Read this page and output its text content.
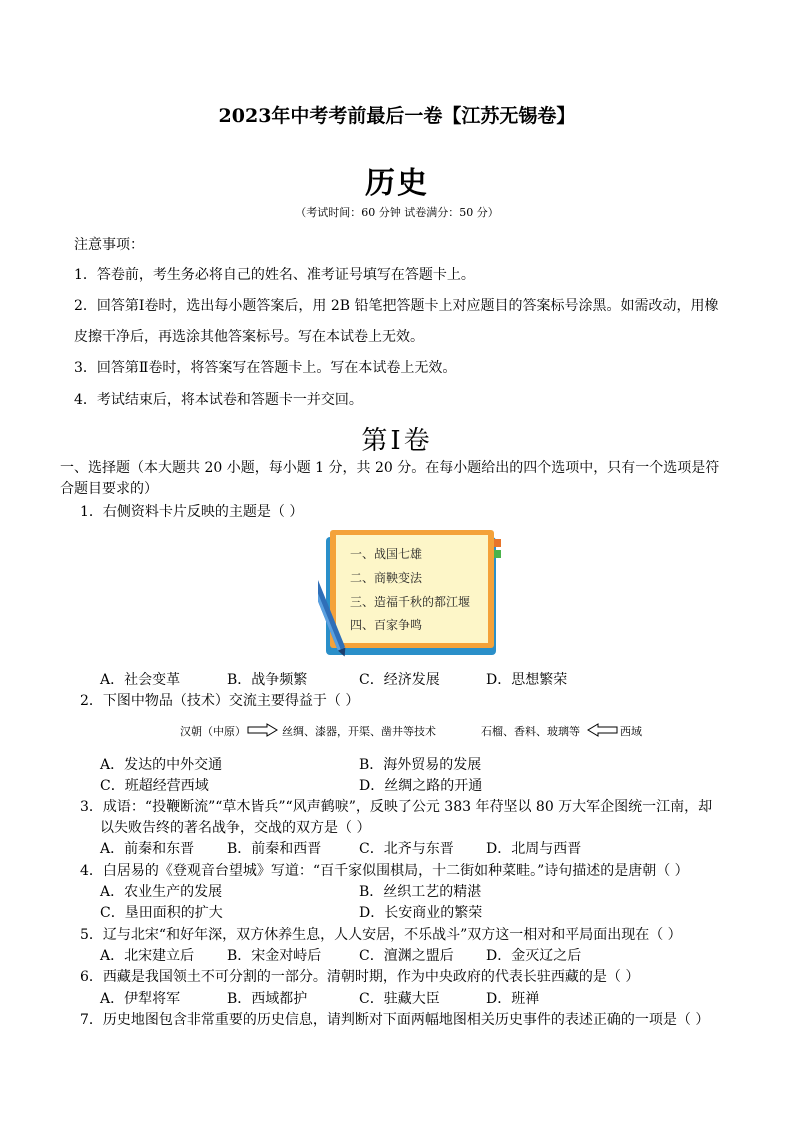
2023年中考考前最后一卷【江苏无锡卷】
历史
（考试时间：60 分钟 试卷满分：50 分）
注意事项：
1．答卷前，考生务必将自己的姓名、准考证号填写在答题卡上。
2．回答第Ⅰ卷时，选出每小题答案后，用 2B 铅笔把答题卡上对应题目的答案标号涂黑。如需改动，用橡
皮擦干净后，再选涂其他答案标号。写在本试卷上无效。
3．回答第Ⅱ卷时，将答案写在答题卡上。写在本试卷上无效。
4．考试结束后，将本试卷和答题卡一并交回。
第Ⅰ卷
一、选择题（本大题共 20 小题，每小题 1 分，共 20 分。在每小题给出的四个选项中，只有一个选项是符
合题目要求的）
1．右侧资料卡片反映的主题是（ ）
一、战国七雄
二、商鞅变法
三、造福千秋的都江堰
四、百家争鸣
A．社会变革	B．战争频繁	C．经济发展	D．思想繁荣
2．下图中物品（技术）交流主要得益于（ ）
汉朝（中原）	丝绸、漆器，开渠、凿井等技术	石榴、香料、玻璃等	西域
A．发达的中外交通	B．海外贸易的发展
C．班超经营西域	D．丝绸之路的开通
3．成语：“投鞭断流”“草木皆兵”“风声鹤唳”，反映了公元 383 年苻坚以 80 万大军企图统一江南，却
以失败告终的著名战争，交战的双方是（ ）
A．前秦和东晋 B．前秦和西晋	C．北齐与东晋 D．北周与西晋
4．白居易的《登观音台望城》写道：“百千家似围棋局，十二街如种菜畦。”诗句描述的是唐朝（ ）
A．农业生产的发展	B．丝织工艺的精湛
C．垦田面积的扩大	D．长安商业的繁荣
5．辽与北宋“和好年深，双方休养生息，人人安居，不乐战斗”双方这一相对和平局面出现在（ ）
A．北宋建立后 B．宋金对峙后	C．澶渊之盟后 D．金灭辽之后
6．西藏是我国领土不可分割的一部分。清朝时期，作为中央政府的代表长驻西藏的是（ ）
A．伊犁将军	B．西域都护	C．驻藏大臣	D．班禅
7．历史地图包含非常重要的历史信息，请判断对下面两幅地图相关历史事件的表述正确的一项是（ ）
